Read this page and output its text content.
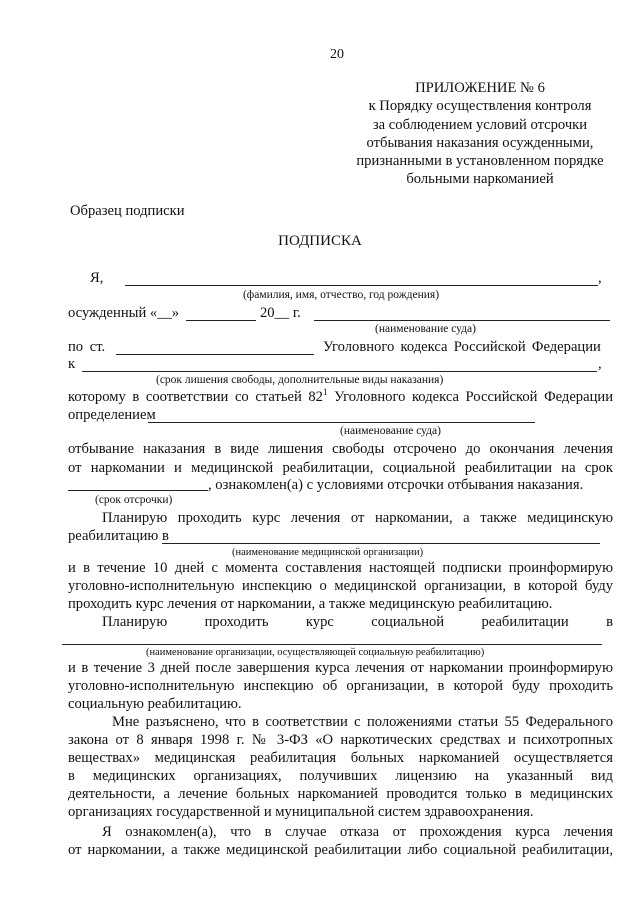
20
ПРИЛОЖЕНИЕ № 6
к Порядку осуществления контроля
за соблюдением условий отсрочки
отбывания наказания осужденными,
признанными в установленном порядке
больными наркоманией
Образец подписки
ПОДПИСКА
Я,	,
(фамилия, имя, отчество, год рождения)
осужденный «__»	20__ г.
(наименование суда)
по ст.	Уголовного кодекса Российской Федерации
к	,
(срок лишения свободы, дополнительные виды наказания)
которому в соответствии со статьей $82^1$ Уголовного кодекса Российской Федерации
определением
(наименование суда)
отбывание наказания в виде лишения свободы отсрочено до окончания лечения
от наркомании и медицинской реабилитации, социальной реабилитации на срок
, ознакомлен(а) с условиями отсрочки отбывания наказания.
(срок отсрочки)
Планирую проходить курс лечения от наркомании, а также медицинскую
реабилитацию в
(наименование медицинской организации)
и в течение 10 дней с момента составления настоящей подписки проинформирую
уголовно-исполнительную инспекцию о медицинской организации, в которой буду
проходить курс лечения от наркомании, а также медицинскую реабилитацию.
Планирую проходить курс социальной реабилитации в
(наименование организации, осуществляющей социальную реабилитацию)
и в течение 3 дней после завершения курса лечения от наркомании проинформирую
уголовно-исполнительную инспекцию об организации, в которой буду проходить
социальную реабилитацию.
Мне разъяснено, что в соответствии с положениями статьи 55 Федерального
закона от 8 января 1998 г. № 3-ФЗ «О наркотических средствах и психотропных
веществах» медицинская реабилитация больных наркоманией осуществляется
в медицинских организациях, получивших лицензию на указанный вид
деятельности, а лечение больных наркоманией проводится только в медицинских
организациях государственной и муниципальной систем здравоохранения.
Я ознакомлен(а), что в случае отказа от прохождения курса лечения
от наркомании, а также медицинской реабилитации либо социальной реабилитации,
